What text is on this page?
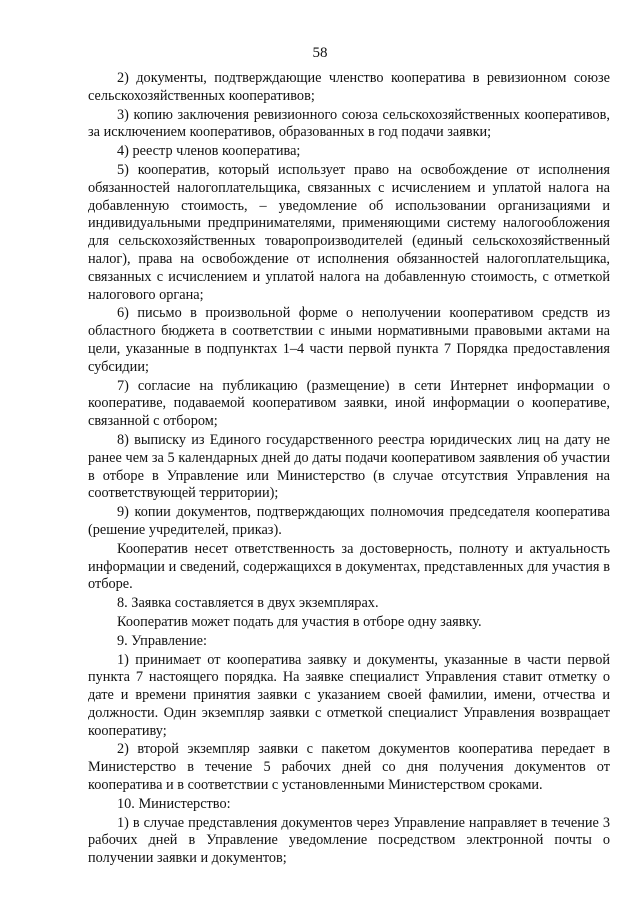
58

2) документы, подтверждающие членство кооператива в ревизионном союзе сельскохозяйственных кооперативов;

3) копию заключения ревизионного союза сельскохозяйственных кооперативов, за исключением кооперативов, образованных в год подачи заявки;

4) реестр членов кооператива;

5) кооператив, который использует право на освобождение от исполнения обязанностей налогоплательщика, связанных с исчислением и уплатой налога на добавленную стоимость, – уведомление об использовании организациями и индивидуальными предпринимателями, применяющими систему налогообложения для сельскохозяйственных товаропроизводителей (единый сельскохозяйственный налог), права на освобождение от исполнения обязанностей налогоплательщика, связанных с исчислением и уплатой налога на добавленную стоимость, с отметкой налогового органа;

6) письмо в произвольной форме о неполучении кооперативом средств из областного бюджета в соответствии с иными нормативными правовыми актами на цели, указанные в подпунктах 1–4 части первой пункта 7 Порядка предоставления субсидии;

7) согласие на публикацию (размещение) в сети Интернет информации о кооперативе, подаваемой кооперативом заявки, иной информации о кооперативе, связанной с отбором;

8) выписку из Единого государственного реестра юридических лиц на дату не ранее чем за 5 календарных дней до даты подачи кооперативом заявления об участии в отборе в Управление или Министерство (в случае отсутствия Управления на соответствующей территории);

9) копии документов, подтверждающих полномочия председателя кооператива (решение учредителей, приказ).

Кооператив несет ответственность за достоверность, полноту и актуальность информации и сведений, содержащихся в документах, представленных для участия в отборе.

8. Заявка составляется в двух экземплярах.

Кооператив может подать для участия в отборе одну заявку.

9. Управление:

1) принимает от кооператива заявку и документы, указанные в части первой пункта 7 настоящего порядка. На заявке специалист Управления ставит отметку о дате и времени принятия заявки с указанием своей фамилии, имени, отчества и должности. Один экземпляр заявки с отметкой специалист Управления возвращает кооперативу;

2) второй экземпляр заявки с пакетом документов кооператива передает в Министерство в течение 5 рабочих дней со дня получения документов от кооператива и в соответствии с установленными Министерством сроками.

10. Министерство:

1) в случае представления документов через Управление направляет в течение 3 рабочих дней в Управление уведомление посредством электронной почты о получении заявки и документов;
